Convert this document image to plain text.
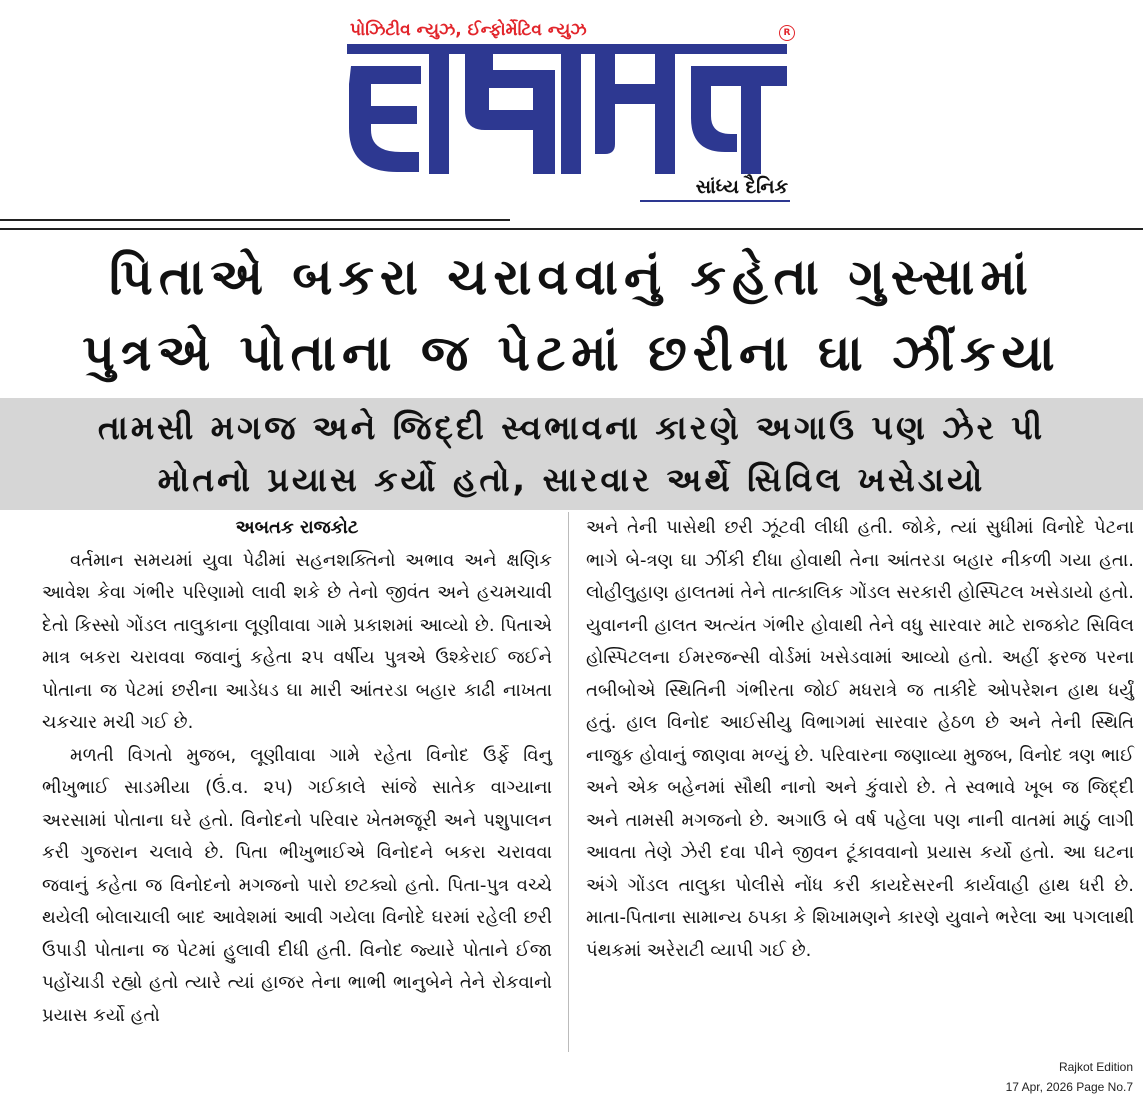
પોઝિટીવ ન્યુઝ, ઈન્ફોર્મેટિવ ન્યુઝ	R
સાંધ્ય દૈનિક
પિતાએ બકરા ચરાવવાનું કહેતા ગુસ્સામાં
પુત્રએ પોતાના જ પેટમાં છરીના ઘા ઝીંકયા
તામસી મગજ અને જિદ્દી સ્વભાવના કારણે અગાઉ પણ ઝેર પી
મોતનો પ્રયાસ કર્યો હતો, સારવાર અર્થે સિવિલ ખસેડાયો
અબતક રાજકોટ

વર્તમાન સમયમાં યુવા પેઢીમાં સહનશક્તિનો અભાવ અને ક્ષણિક આવેશ કેવા ગંભીર પરિણામો લાવી શકે છે તેનો જીવંત અને હચમચાવી દેતો કિસ્સો ગોંડલ તાલુકાના લૂણીવાવા ગામે પ્રકાશમાં આવ્યો છે. પિતાએ માત્ર બકરા ચરાવવા જવાનું કહેતા ૨૫ વર્ષીય પુત્રએ ઉશ્કેરાઈ જઈને પોતાના જ પેટમાં છરીના આડેધડ ઘા મારી આંતરડા બહાર કાઢી નાખતા ચકચાર મચી ગઈ છે.

મળતી વિગતો મુજબ, લૂણીવાવા ગામે રહેતા વિનોદ ઉર્ફે વિનુ ભીખુભાઈ સાડમીયા (ઉં.વ. ૨૫) ગઈકાલે સાંજે સાતેક વાગ્યાના અરસામાં પોતાના ઘરે હતો. વિનોદનો પરિવાર ખેતમજૂરી અને પશુપાલન કરી ગુજરાન ચલાવે છે. પિતા ભીખુભાઈએ વિનોદને બકરા ચરાવવા જવાનું કહેતા જ વિનોદનો મગજનો પારો છટક્યો હતો. પિતા-પુત્ર વચ્ચે થયેલી બોલાચાલી બાદ આવેશમાં આવી ગયેલા વિનોદે ઘરમાં રહેલી છરી ઉપાડી પોતાના જ પેટમાં હુલાવી દીધી હતી. વિનોદ જ્યારે પોતાને ઈજા પહોંચાડી રહ્યો હતો ત્યારે ત્યાં હાજર તેના ભાભી ભાનુબેને તેને રોકવાનો પ્રયાસ કર્યો હતો

અને તેની પાસેથી છરી ઝૂંટવી લીધી હતી. જોકે, ત્યાં સુધીમાં વિનોદે પેટના ભાગે બે-ત્રણ ઘા ઝીંકી દીધા હોવાથી તેના આંતરડા બહાર નીકળી ગયા હતા. લોહીલુહાણ હાલતમાં તેને તાત્કાલિક ગોંડલ સરકારી હોસ્પિટલ ખસેડાયો હતો. યુવાનની હાલત અત્યંત ગંભીર હોવાથી તેને વધુ સારવાર માટે રાજકોટ સિવિલ હોસ્પિટલના ઈમરજન્સી વોર્ડમાં ખસેડવામાં આવ્યો હતો. અહીં ફરજ પરના તબીબોએ સ્થિતિની ગંભીરતા જોઈ મધરાત્રે જ તાકીદે ઓપરેશન હાથ ધર્યું હતું. હાલ વિનોદ આઈસીયુ વિભાગમાં સારવાર હેઠળ છે અને તેની સ્થિતિ નાજુક હોવાનું જાણવા મળ્યું છે. પરિવારના જણાવ્યા મુજબ, વિનોદ ત્રણ ભાઈ અને એક બહેનમાં સૌથી નાનો અને કુંવારો છે. તે સ્વભાવે ખૂબ જ જિદ્દી અને તામસી મગજનો છે. અગાઉ બે વર્ષ પહેલા પણ નાની વાતમાં માઠું લાગી આવતા તેણે ઝેરી દવા પીને જીવન ટૂંકાવવાનો પ્રયાસ કર્યો હતો. આ ઘટના અંગે ગોંડલ તાલુકા પોલીસે નોંધ કરી કાયદેસરની કાર્યવાહી હાથ ધરી છે. માતા-પિતાના સામાન્ય ઠપકા કે શિખામણને કારણે યુવાને ભરેલા આ પગલાથી પંથકમાં અરેરાટી વ્યાપી ગઈ છે.

Rajkot Edition
17 Apr, 2026 Page No.7
